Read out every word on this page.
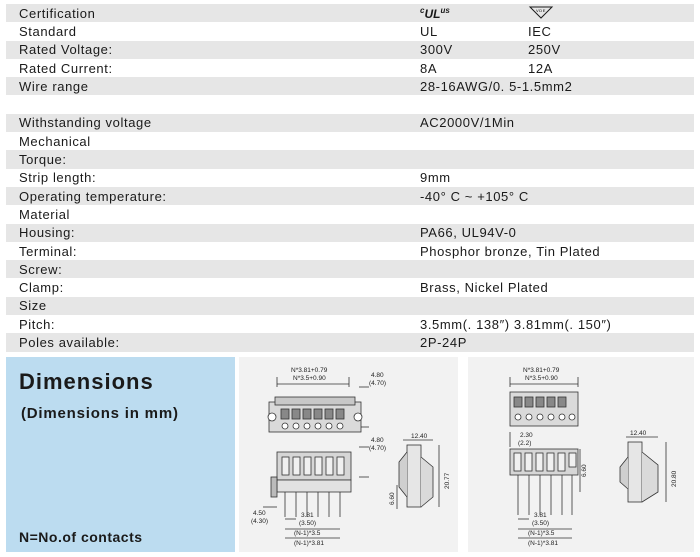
Certification	$^cUL^{us}$	VDE
Standard	UL	IEC
Rated Voltage:	300V	250V
Rated Current:	8A	12A
Wire range	28-16AWG/0. 5-1.5mm2
Withstanding voltage	AC2000V/1Min
Mechanical
Torque:
Strip length:	9mm
Operating temperature:	-40° C ~ +105° C
Material
Housing:	PA66, UL94V-0
Terminal:	Phosphor bronze, Tin Plated
Screw:
Clamp:	Brass, Nickel Plated
Size
Pitch:	3.5mm(. 138″) 3.81mm(. 150″)
Poles available:	2P-24P
Dimensions
(Dimensions in mm)
N=No.of contacts
N*3.81+0.79
N*3.5+0.90	4.80
(4.70)
4.80
(4.70)
12.40
20.77
6.60
4.50
(4.30)
3.81
(3.50)
(N-1)*3.5
(N-1)*3.81
N*3.81+0.79
N*3.5+0.90
2.30
(2.2)
12.40
20.80
6.60
3.81
(3.50)
(N-1)*3.5
(N-1)*3.81
